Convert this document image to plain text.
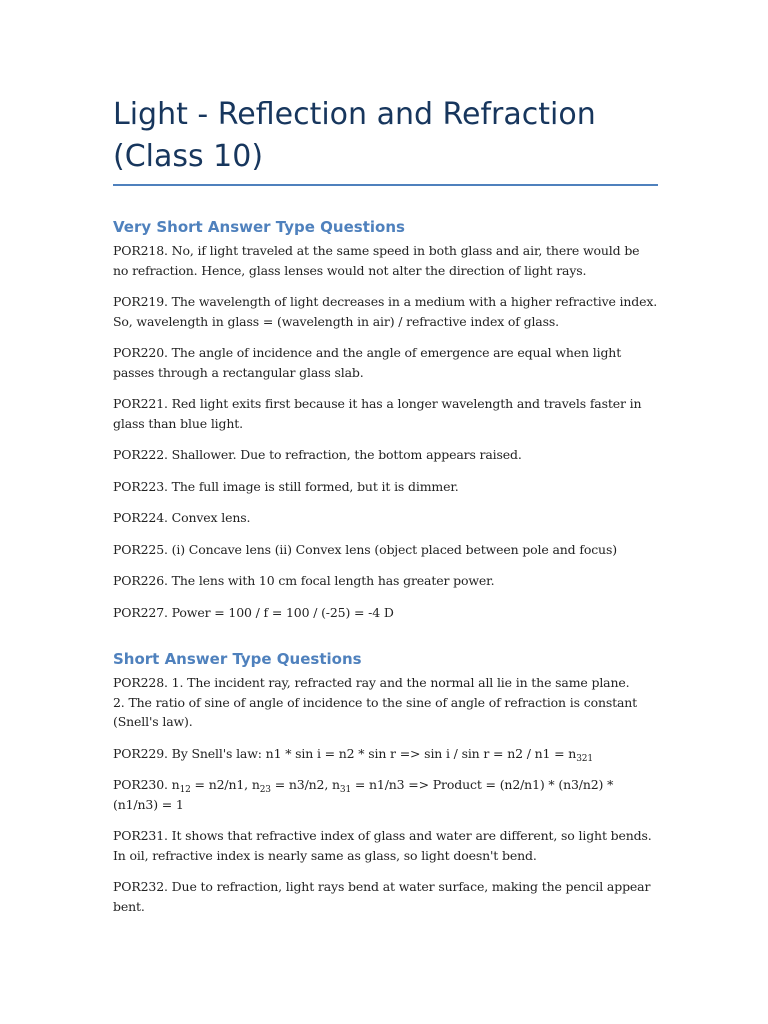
Light - Reflection and Refraction (Class 10)
Very Short Answer Type Questions

POR218. No, if light traveled at the same speed in both glass and air, there would be no refraction. Hence, glass lenses would not alter the direction of light rays.

POR219. The wavelength of light decreases in a medium with a higher refractive index. So, wavelength in glass = (wavelength in air) / refractive index of glass.

POR220. The angle of incidence and the angle of emergence are equal when light passes through a rectangular glass slab.

POR221. Red light exits first because it has a longer wavelength and travels faster in glass than blue light.

POR222. Shallower. Due to refraction, the bottom appears raised.

POR223. The full image is still formed, but it is dimmer.

POR224. Convex lens.

POR225. (i) Concave lens (ii) Convex lens (object placed between pole and focus)

POR226. The lens with 10 cm focal length has greater power.

POR227. Power = 100 / f = 100 / (-25) = -4 D

Short Answer Type Questions

POR228. 1. The incident ray, refracted ray and the normal all lie in the same plane.
2. The ratio of sine of angle of incidence to the sine of angle of refraction is constant (Snell's law).

POR229. By Snell's law: $n1 * \sin i = n2 * \sin r => \sin i / \sin r = n2 / n1 = n_{321}$

POR230. $n_{12} = n2/n1$, $n_{23} = n3/n2$, $n_{31} = n1/n3$ => Product = (n2/n1) * (n3/n2) * (n1/n3) = 1

POR231. It shows that refractive index of glass and water are different, so light bends. In oil, refractive index is nearly same as glass, so light doesn't bend.

POR232. Due to refraction, light rays bend at water surface, making the pencil appear bent.
